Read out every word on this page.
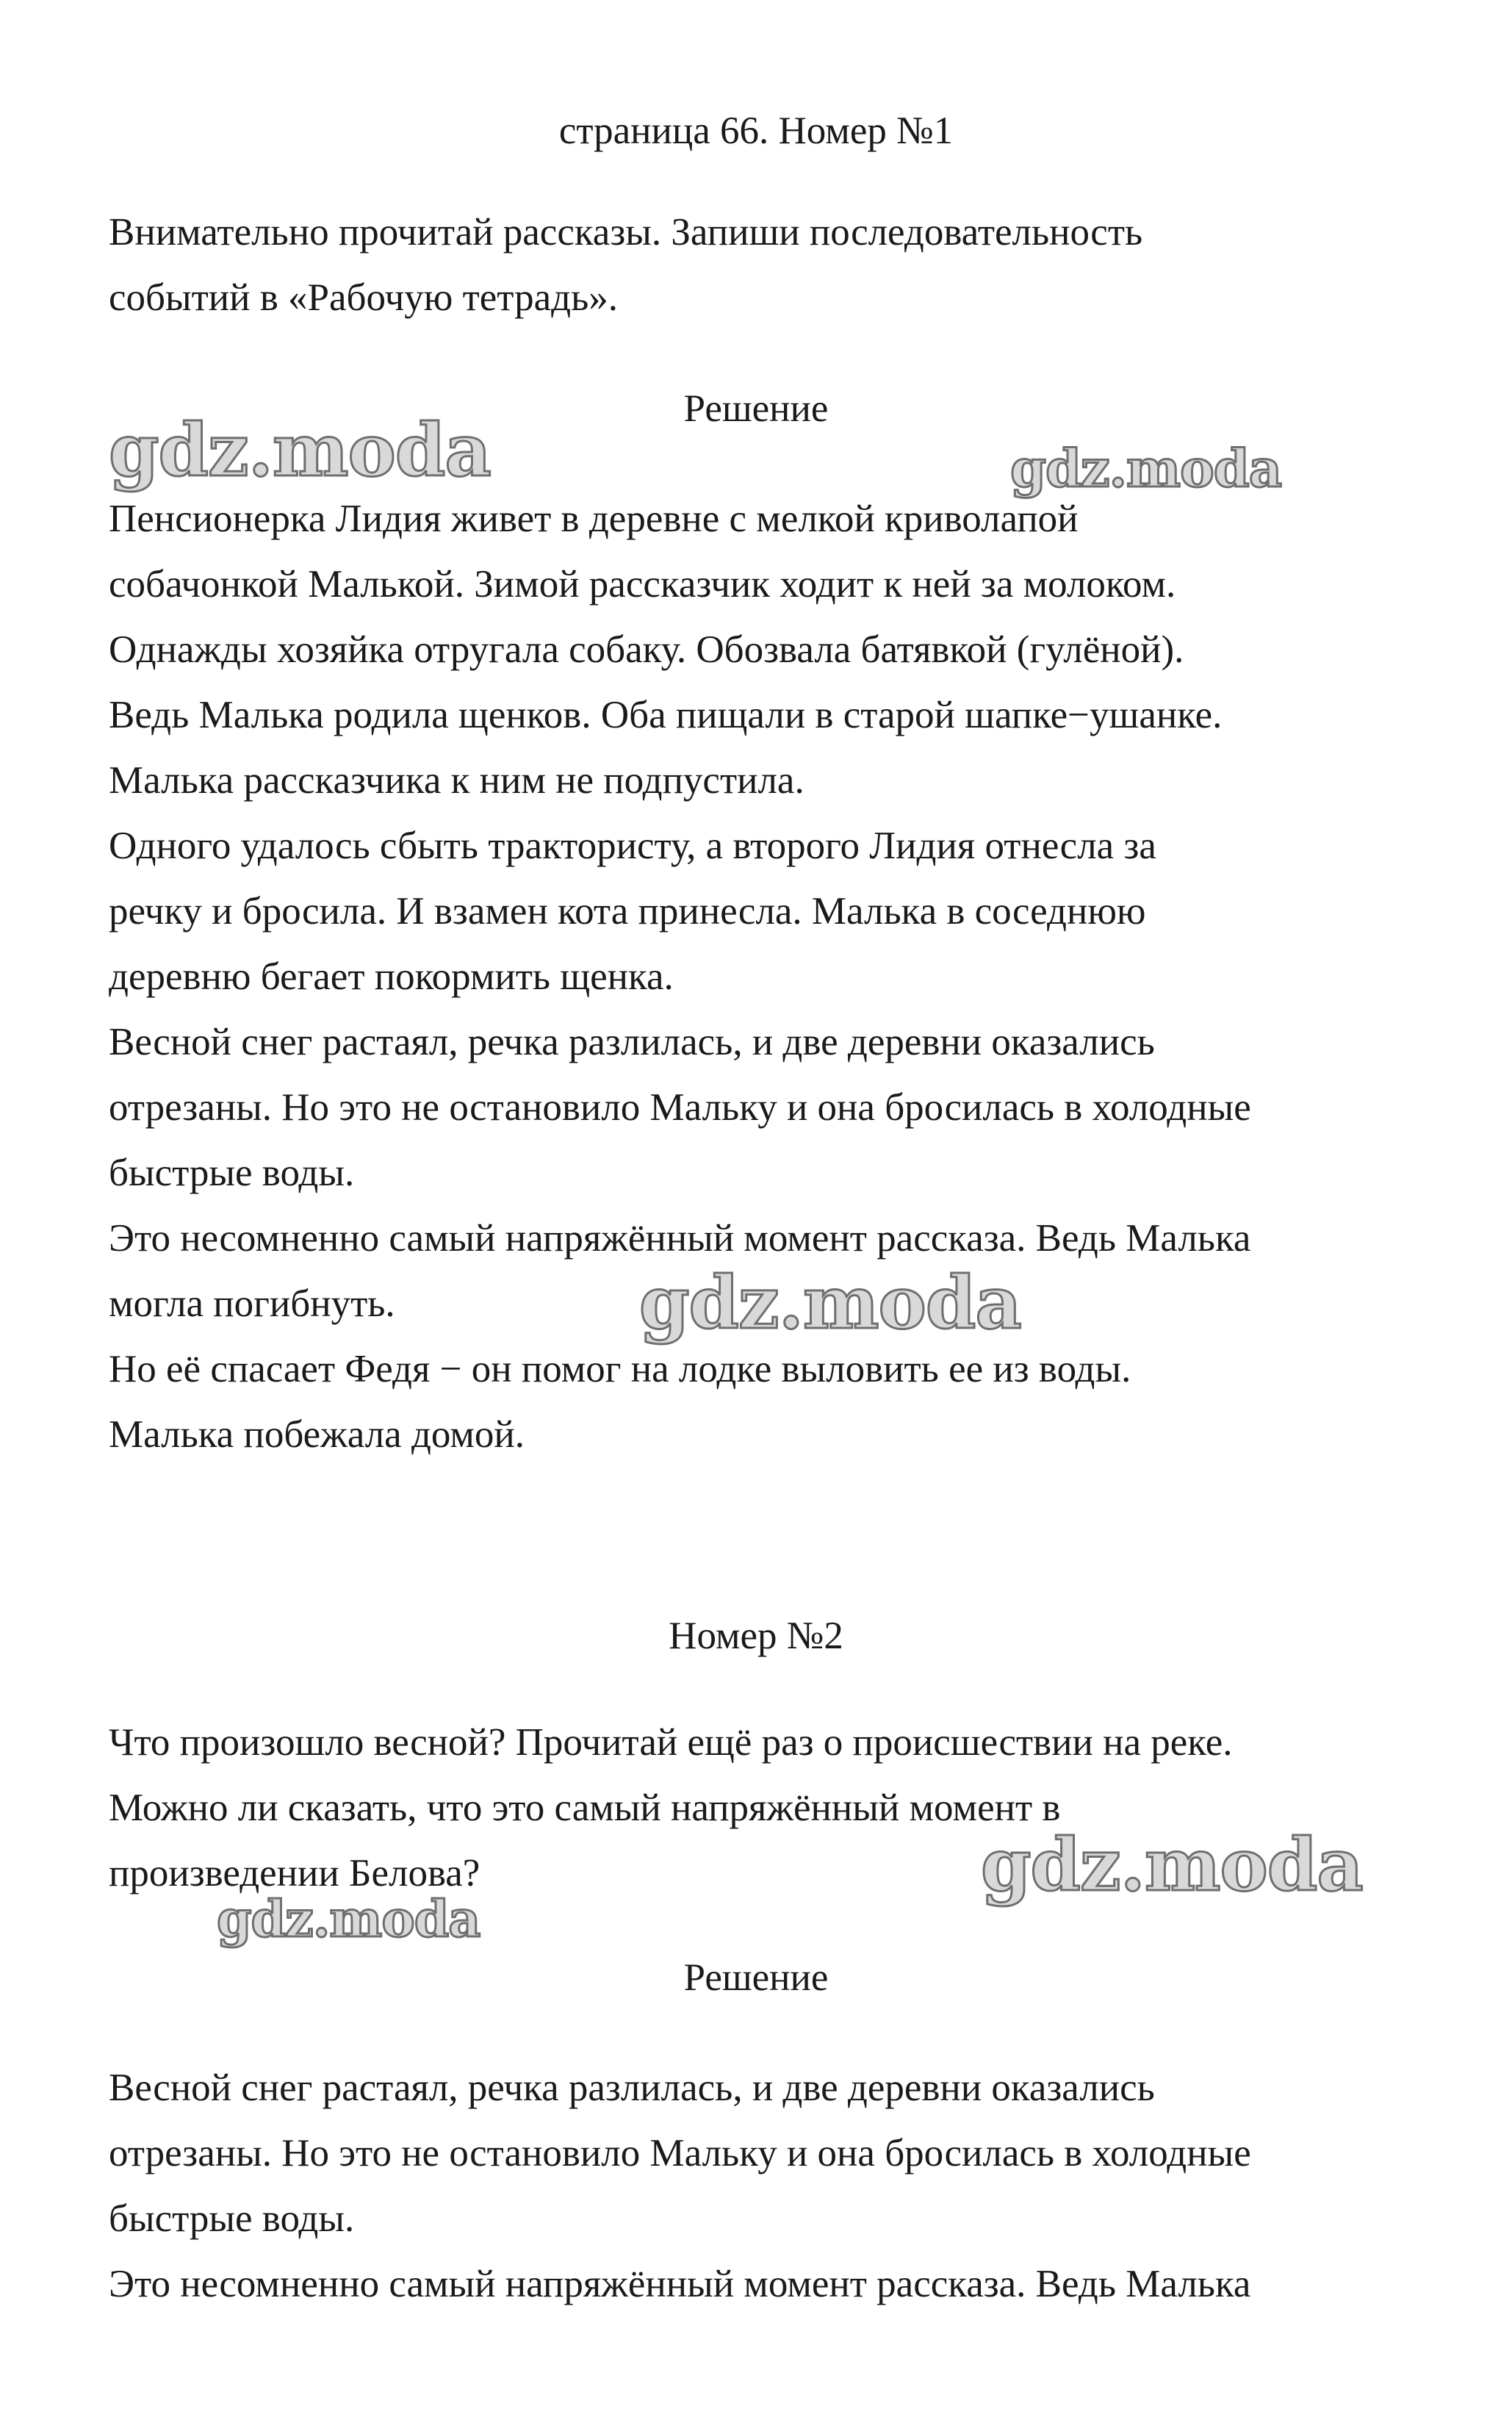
страница 66. Номер №1
Внимательно прочитай рассказы. Запиши последовательность
событий в «Рабочую тетрадь».
Решение
Пенсионерка Лидия живет в деревне с мелкой криволапой
собачонкой Малькой. Зимой рассказчик ходит к ней за молоком.
Однажды хозяйка отругала собаку. Обозвала батявкой (гулёной).
Ведь Малька родила щенков. Оба пищали в старой шапке−ушанке.
Малька рассказчика к ним не подпустила.
Одного удалось сбыть трактористу, а второго Лидия отнесла за
речку и бросила. И взамен кота принесла. Малька в соседнюю
деревню бегает покормить щенка.
Весной снег растаял, речка разлилась, и две деревни оказались
отрезаны. Но это не остановило Мальку и она бросилась в холодные
быстрые воды.
Это несомненно самый напряжённый момент рассказа. Ведь Малька
могла погибнуть.
Но её спасает Федя − он помог на лодке выловить ее из воды.
Малька побежала домой.
Номер №2
Что произошло весной? Прочитай ещё раз о происшествии на реке.
Можно ли сказать, что это самый напряжённый момент в
произведении Белова?
Решение
Весной снег растаял, речка разлилась, и две деревни оказались
отрезаны. Но это не остановило Мальку и она бросилась в холодные
быстрые воды.
Это несомненно самый напряжённый момент рассказа. Ведь Малька
gdz.moda	gdz.moda
gdz.moda
gdz.moda
gdz.moda
